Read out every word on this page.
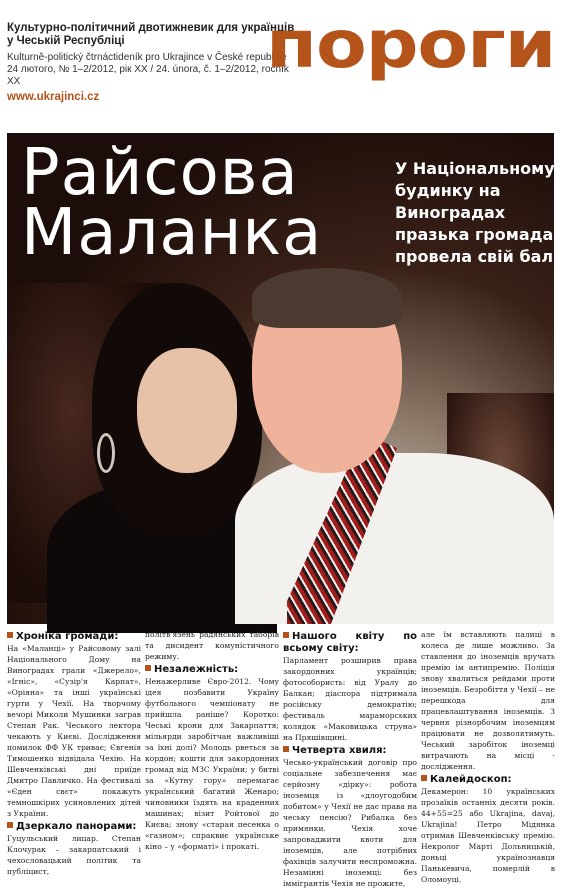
Культурно-політичний двотижневик для українців
у Чеській Республіці
Kulturně-politický čtrnáctideník pro Ukrajince v České republice
24 лютого, № 1–2/2012, рік XX / 24. února, č. 1–2/2012, ročník XX
www.ukrajinci.cz
пороги
Райсова
Маланка
У Національному будинку на Виноградах празька громада провела свій бал
Хроніка громади:
На «Маланці» у Райсовому залі Національного Дому на Виноградах грали «Джерело», «Ігніс», «Сузір'я Карпат», «Оріяна» та інші українські гурти у Чехії. На творчому вечорі Миколи Мушинки заграв Степан Рак. Чеського лектора чекають у Києві. Дослідження помилок ФФ УК триває; Євгенія Тимошенко відвідала Чехію. На Шевченківські дні приїде Дмитро Павличко. На фестивалі «Єден свєт» покажуть темношкірих усиновлених дітей з України.
Дзеркало панорами:
Гуцульський лицар. Степан Клочурак – закарпатський і чехословацький політик та публіцист,
політв'язень радянських таборів та дисидент комуністичного режиму.
Незалежність:
Ненажерливе Євро-2012. Чому ідея позбавити Україну футбольного чемпіонату не прийшла раніше? Коротко: Чеські крони для Закарпаття; мільярди заробітчан важливіші за їхні долі? Молодь рветься за кордон; кошти для закордонних громад від МЗС України; у битві за «Кутну гору» перемагає український багатий Женаро; чиновники їздять на краденних машинах; візит Ройтової до Києва; знову «старая песенка о «газном»; спраквиє українське кіно – у «форматі» і прокаті.
Нашого квіту по всьому світу:
Парламент розширив права закордонних українців; фотособористь: від Уралу до Балкан; діаспора підтримала російську демократію; фестиваль мараморських колядок «Маковицька струна» на Пряшівщині.
Четверта хвиля:
Чесько-український договір про соціальне забезпечення має серйозну «дірку»: робота іноземця із «длоугодобим побитом» у Чехії не дає права на чеську пенсію? Рибалка без примянки. Чехія хоче запроваджити квоти для іноземців, але потрібних фахівців залучити неспроможна. Незамінні іноземці: без іммігрантів Чехія не прожите,
але їм вставляють палиці в колеса де лише можливо. За ставлення до іноземців вручать премію ім антипремію. Поліція знову хвалиться рейдами проти іноземців. Безробіття у Чехії – не перешкода для працевлаштування іноземців. З червня різнорбочим іноземцям працювати не дозволятимуть. Чеський заробіток іноземці витрачають на місці - дослідження.
Калейдоскоп:
Декамерон: 10 українських прозаїків останніх десяти років. 44+55=25 або Ukrajina, davaj, Ukrajina! Петро Мідянка отримав Шевченківську премію. Некролог Марті Дольницькій, доньці українознавця Панькевича, померлій в Оломоуці.
